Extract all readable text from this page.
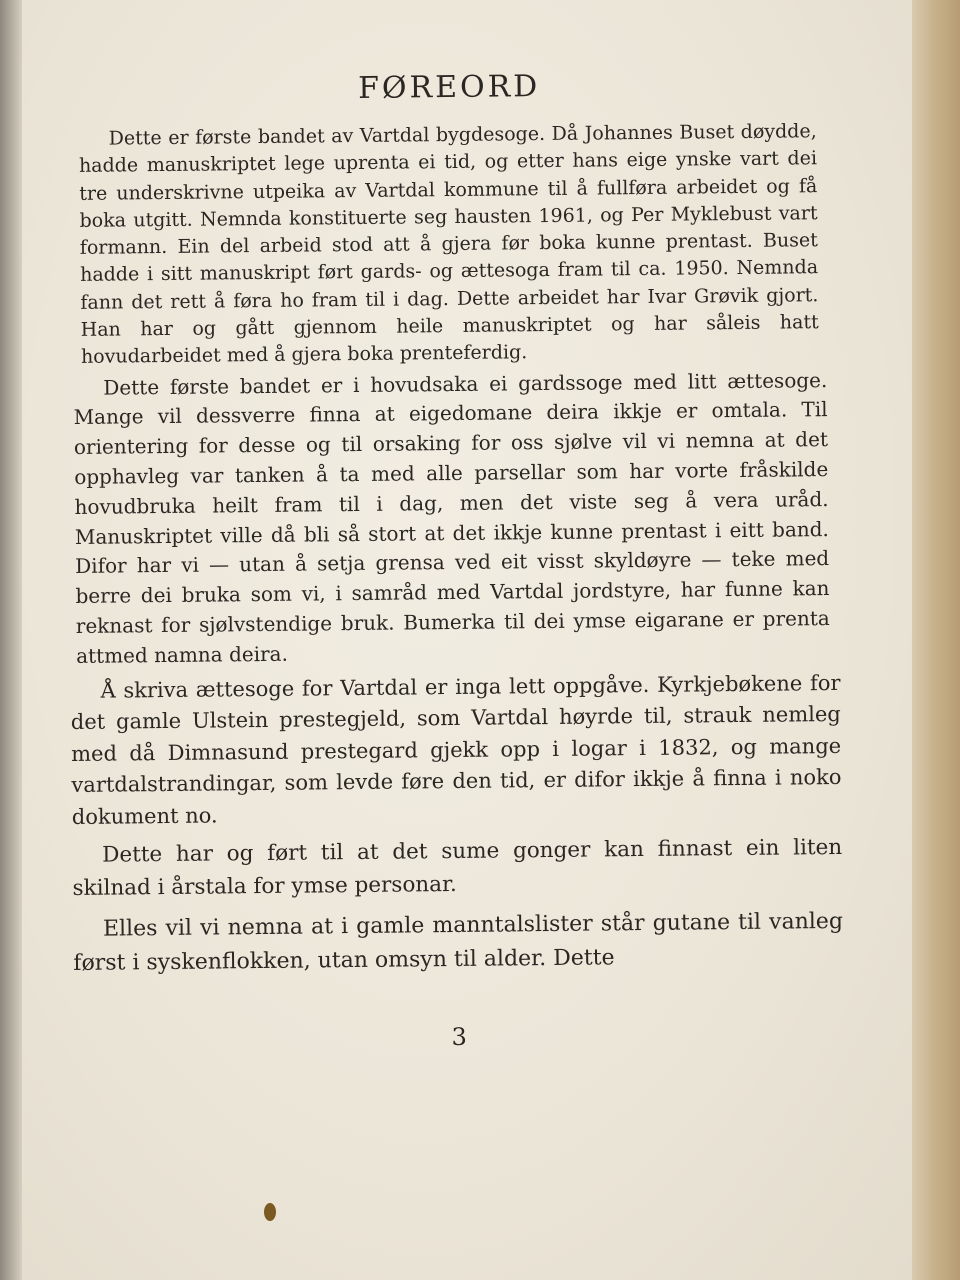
FØREORD

Dette er første bandet av Vartdal bygdesoge. Då Johannes Buset døydde, hadde manuskriptet lege uprenta ei tid, og etter hans eige ynske vart dei tre underskrivne utpeika av Vartdal kommune til å fullføra arbeidet og få boka utgitt. Nemnda konstituerte seg hausten 1961, og Per Myklebust vart formann. Ein del arbeid stod att å gjera før boka kunne prentast. Buset hadde i sitt manuskript ført gards- og ættesoga fram til ca. 1950. Nemnda fann det rett å føra ho fram til i dag. Dette arbeidet har Ivar Grøvik gjort. Han har og gått gjennom heile manuskriptet og har såleis hatt hovudarbeidet med å gjera boka prenteferdig.

Dette første bandet er i hovudsaka ei gardssoge med litt ættesoge. Mange vil dessverre finna at eigedomane deira ikkje er omtala. Til orientering for desse og til orsaking for oss sjølve vil vi nemna at det opphavleg var tanken å ta med alle parsellar som har vorte fråskilde hovudbruka heilt fram til i dag, men det viste seg å vera uråd. Manuskriptet ville då bli så stort at det ikkje kunne prentast i eitt band. Difor har vi — utan å setja grensa ved eit visst skyldøyre — teke med berre dei bruka som vi, i samråd med Vartdal jordstyre, har funne kan reknast for sjølvstendige bruk. Bumerka til dei ymse eigarane er prenta attmed namna deira.

Å skriva ættesoge for Vartdal er inga lett oppgåve. Kyrkjebøkene for det gamle Ulstein prestegjeld, som Vartdal høyrde til, strauk nemleg med då Dimnasund prestegard gjekk opp i logar i 1832, og mange vartdalstrandingar, som levde føre den tid, er difor ikkje å finna i noko dokument no.

Dette har og ført til at det sume gonger kan finnast ein liten skilnad i årstala for ymse personar.

Elles vil vi nemna at i gamle manntalslister står gutane til vanleg først i syskenflokken, utan omsyn til alder. Dette

3
